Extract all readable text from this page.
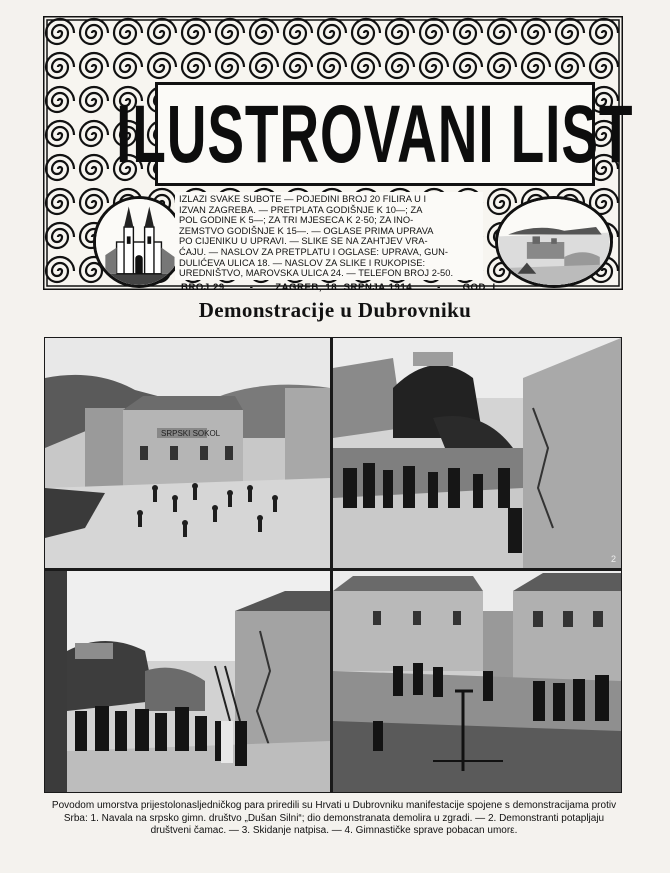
ILUSTROVANI LIST
IZLAZI SVAKE SUBOTE — POJEDINI BROJ 20 FILIRA U I
IZVAN ZAGREBA. — PRETPLATA GODIŠNJE K 10—; ZA
POL GODINE K 5—; ZA TRI MJESECA K 2·50; ZA INO-
ZEMSTVO GODIŠNJE K 15—. — OGLASE PRIMA UPRAVA
PO CIJENIKU U UPRAVI. — SLIKE SE NA ZAHTJEV VRA-
ĆAJU. — NASLOV ZA PRETPLATU I OGLASE: UPRAVA, GUN-
DULIĆEVA ULICA 18. — NASLOV ZA SLIKE I RUKOPISE:
UREDNIŠTVO, MAROVSKA ULICA 24. — TELEFON BROJ 2-50.
BROJ 29. - ZAGREB, 18. SRPNJA 1914. - GOD. I.
Demonstracije u Dubrovniku
SRPSKI SOKOL
2
Povodom umorstva prijestolonasljedničkog para priredili su Hrvati u Dubrovniku manifestacije spojene s demonstracijama protiv Srba: 1. Navala na srpsko gimn. društvo „Dušan Silni“; dio demonstranata demolira u zgradi. — 2. Demonstranti potapljaju društveni čamac. — 3. Skidanje natpisa. — 4. Gimnastičke sprave pobacan umorε.
